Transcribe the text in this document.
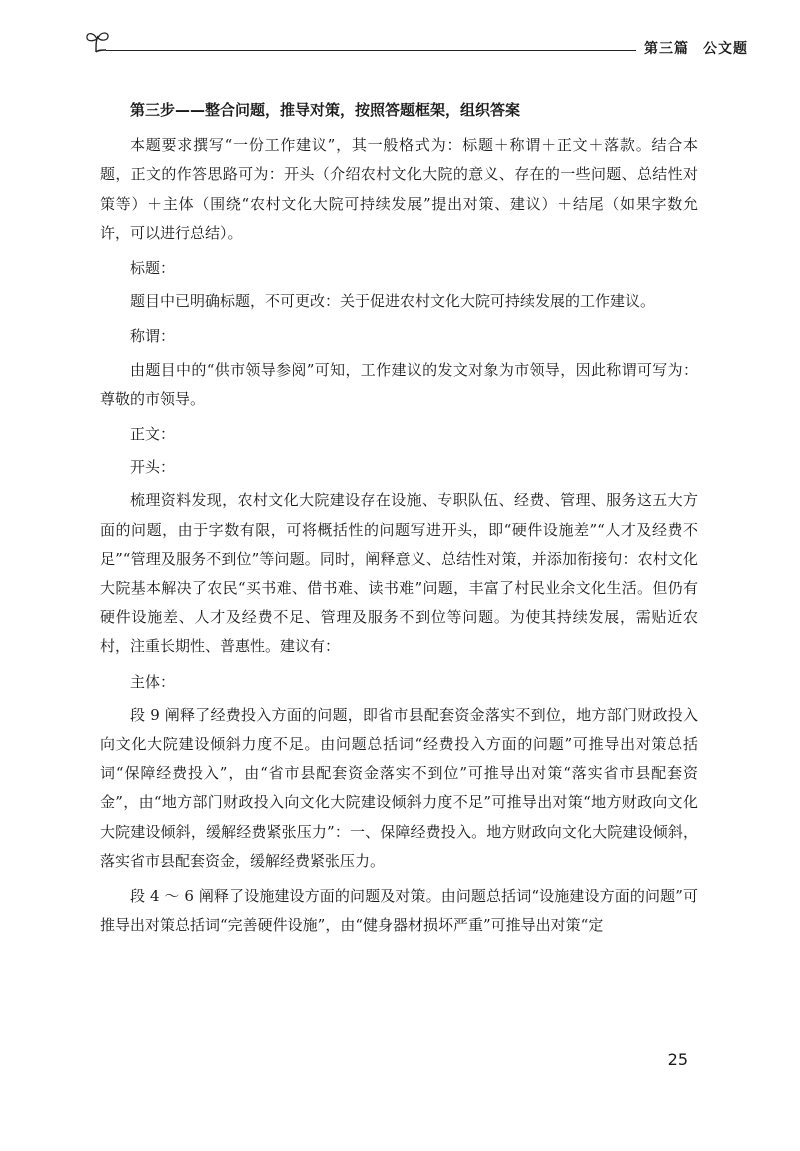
第三篇 公文题

第三步——整合问题，推导对策，按照答题框架，组织答案

本题要求撰写“一份工作建议”，其一般格式为：标题＋称谓＋正文＋落款。结合本题，正文的作答思路可为：开头（介绍农村文化大院的意义、存在的一些问题、总结性对策等）＋主体（围绕“农村文化大院可持续发展”提出对策、建议）＋结尾（如果字数允许，可以进行总结）。

标题：

题目中已明确标题，不可更改：关于促进农村文化大院可持续发展的工作建议。

称谓：

由题目中的“供市领导参阅”可知，工作建议的发文对象为市领导，因此称谓可写为：尊敬的市领导。

正文：

开头：

梳理资料发现，农村文化大院建设存在设施、专职队伍、经费、管理、服务这五大方面的问题，由于字数有限，可将概括性的问题写进开头，即“硬件设施差”“人才及经费不足”“管理及服务不到位”等问题。同时，阐释意义、总结性对策，并添加衔接句：农村文化大院基本解决了农民“买书难、借书难、读书难”问题，丰富了村民业余文化生活。但仍有硬件设施差、人才及经费不足、管理及服务不到位等问题。为使其持续发展，需贴近农村，注重长期性、普惠性。建议有：

主体：

段 9 阐释了经费投入方面的问题，即省市县配套资金落实不到位，地方部门财政投入向文化大院建设倾斜力度不足。由问题总括词“经费投入方面的问题”可推导出对策总括词“保障经费投入”，由“省市县配套资金落实不到位”可推导出对策“落实省市县配套资金”，由“地方部门财政投入向文化大院建设倾斜力度不足”可推导出对策“地方财政向文化大院建设倾斜，缓解经费紧张压力”：一、保障经费投入。地方财政向文化大院建设倾斜，落实省市县配套资金，缓解经费紧张压力。

段 4 ～ 6 阐释了设施建设方面的问题及对策。由问题总括词“设施建设方面的问题”可推导出对策总括词“完善硬件设施”，由“健身器材损坏严重”可推导出对策“定

25
